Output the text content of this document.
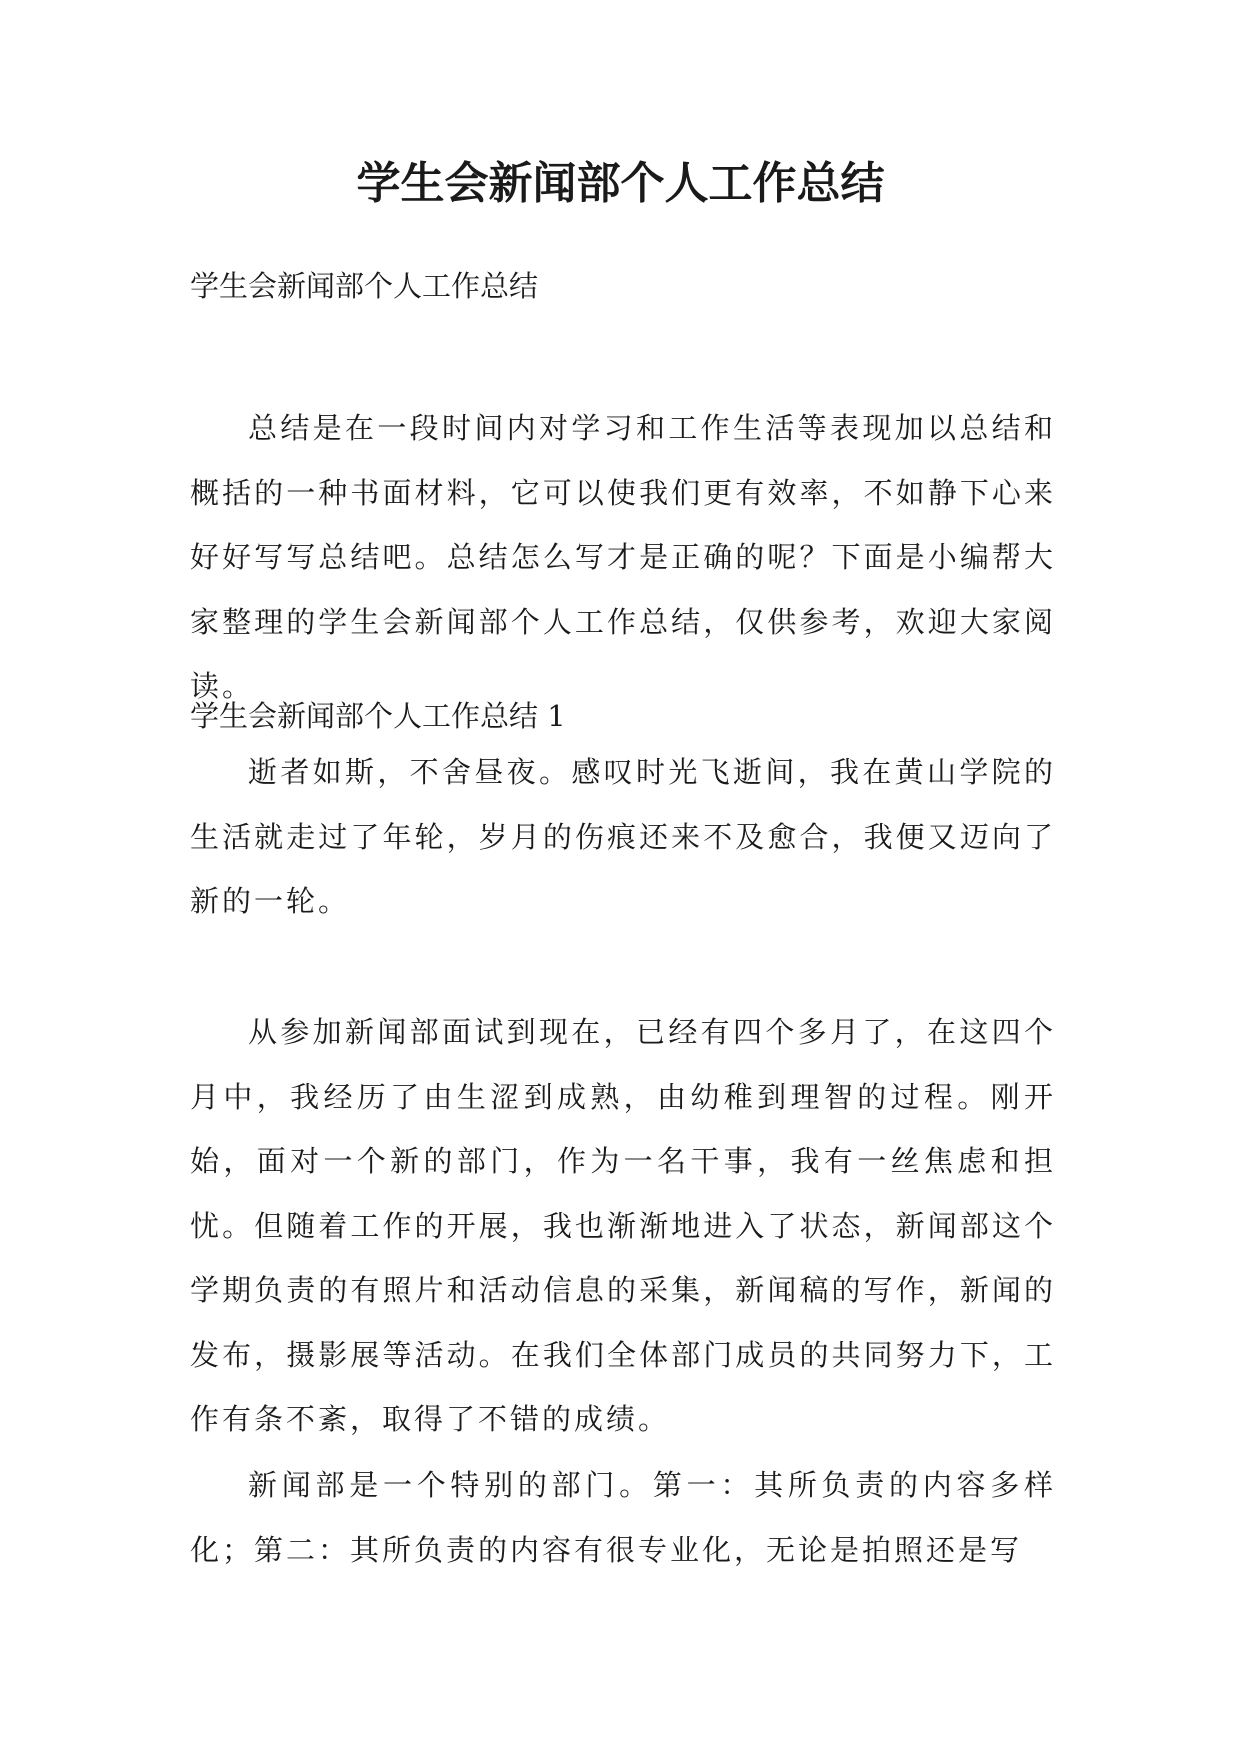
学生会新闻部个人工作总结

学生会新闻部个人工作总结

总结是在一段时间内对学习和工作生活等表现加以总结和概括的一种书面材料，它可以使我们更有效率，不如静下心来好好写写总结吧。总结怎么写才是正确的呢？下面是小编帮大家整理的学生会新闻部个人工作总结，仅供参考，欢迎大家阅读。

学生会新闻部个人工作总结 1

逝者如斯，不舍昼夜。感叹时光飞逝间，我在黄山学院的生活就走过了年轮，岁月的伤痕还来不及愈合，我便又迈向了新的一轮。

从参加新闻部面试到现在，已经有四个多月了，在这四个月中，我经历了由生涩到成熟，由幼稚到理智的过程。刚开始，面对一个新的部门，作为一名干事，我有一丝焦虑和担忧。但随着工作的开展，我也渐渐地进入了状态，新闻部这个学期负责的有照片和活动信息的采集，新闻稿的写作，新闻的发布，摄影展等活动。在我们全体部门成员的共同努力下，工作有条不紊，取得了不错的成绩。

新闻部是一个特别的部门。第一：其所负责的内容多样化；第二：其所负责的内容有很专业化，无论是拍照还是写
